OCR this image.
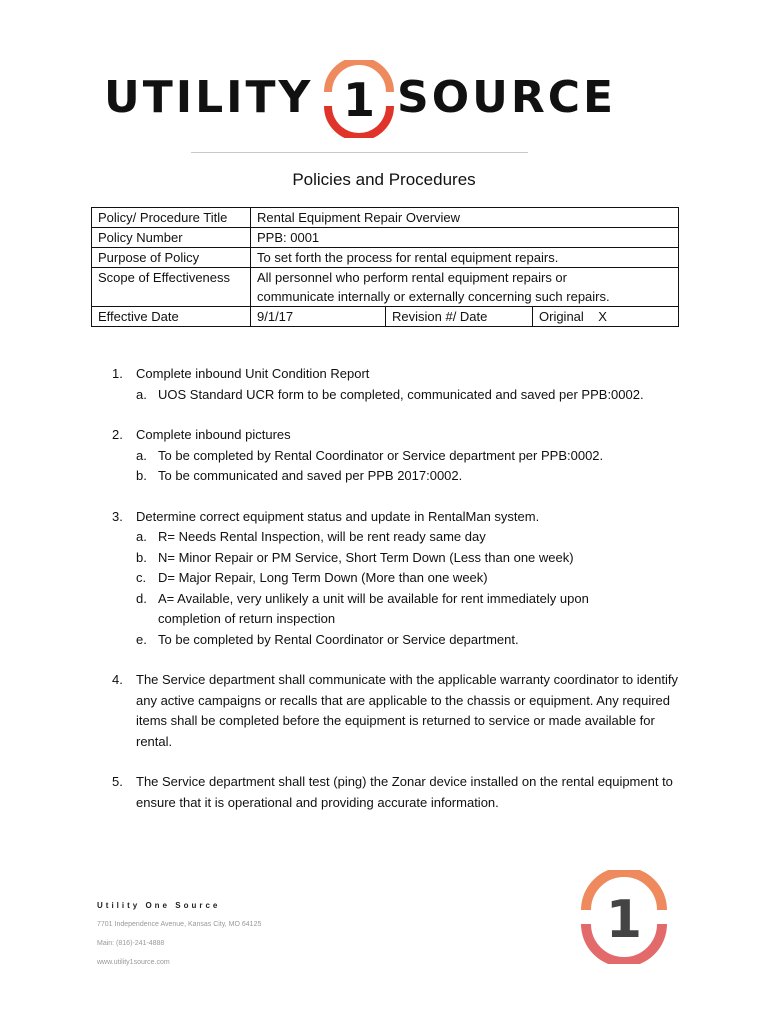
UTILITY 1 SOURCE
Policies and Procedures
Policy/ Procedure Title	Rental Equipment Repair Overview		
Policy Number	PPB: 0001		
Purpose of Policy	To set forth the process for rental equipment repairs.		
Scope of Effectiveness	All personnel who perform rental equipment repairs or
communicate internally or externally concerning such repairs.		

Effective Date	9/1/17	Revision #/ Date	Original X
1. Complete inbound Unit Condition Report
a. UOS Standard UCR form to be completed, communicated and saved per PPB:0002.
2. Complete inbound pictures
a. To be completed by Rental Coordinator or Service department per PPB:0002.
b. To be communicated and saved per PPB 2017:0002.
3. Determine correct equipment status and update in RentalMan system.
a. R= Needs Rental Inspection, will be rent ready same day
b. N= Minor Repair or PM Service, Short Term Down (Less than one week)
c. D= Major Repair, Long Term Down (More than one week)
d. A= Available, very unlikely a unit will be available for rent immediately upon completion of return inspection
e. To be completed by Rental Coordinator or Service department.
4. The Service department shall communicate with the applicable warranty coordinator to identify any active campaigns or recalls that are applicable to the chassis or equipment. Any required items shall be completed before the equipment is returned to service or made available for rental.
5. The Service department shall test (ping) the Zonar device installed on the rental equipment to ensure that it is operational and providing accurate information.
Utility One Source
7701 Independence Avenue, Kansas City, MO 64125
Main: (816)-241-4888
www.utility1source.com
1
